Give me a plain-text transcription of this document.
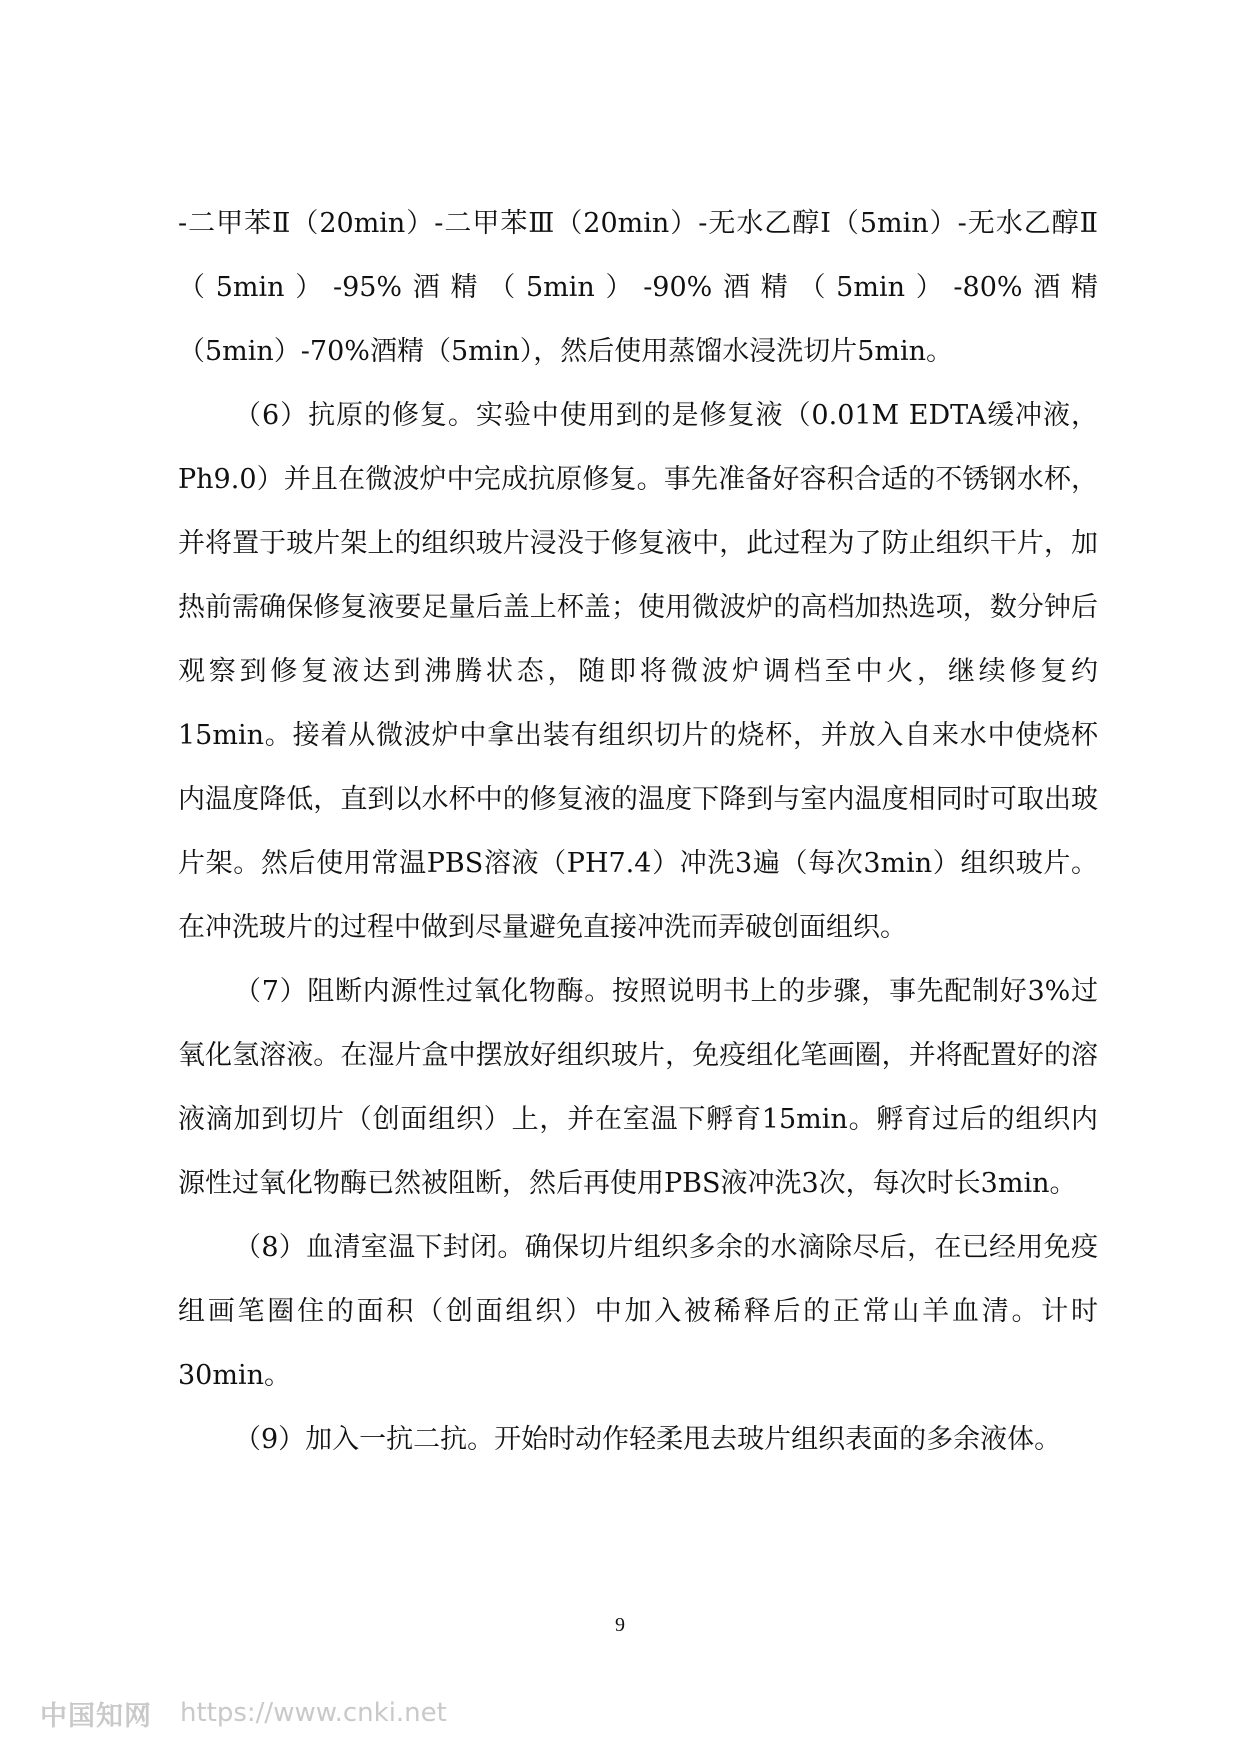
-二甲苯Ⅱ（20min）-二甲苯Ⅲ（20min）-无水乙醇Ⅰ（5min）-无水乙醇Ⅱ（5min）-95%酒精（5min）-90%酒精（5min）-80%酒精（5min）-70%酒精（5min），然后使用蒸馏水浸洗切片5min。

（6）抗原的修复。实验中使用到的是修复液（0.01M EDTA缓冲液，Ph9.0）并且在微波炉中完成抗原修复。事先准备好容积合适的不锈钢水杯，并将置于玻片架上的组织玻片浸没于修复液中，此过程为了防止组织干片，加热前需确保修复液要足量后盖上杯盖；使用微波炉的高档加热选项，数分钟后观察到修复液达到沸腾状态，随即将微波炉调档至中火，继续修复约15min。接着从微波炉中拿出装有组织切片的烧杯，并放入自来水中使烧杯内温度降低，直到以水杯中的修复液的温度下降到与室内温度相同时可取出玻片架。然后使用常温PBS溶液（PH7.4）冲洗3遍（每次3min）组织玻片。在冲洗玻片的过程中做到尽量避免直接冲洗而弄破创面组织。

（7）阻断内源性过氧化物酶。按照说明书上的步骤，事先配制好3%过氧化氢溶液。在湿片盒中摆放好组织玻片，免疫组化笔画圈，并将配置好的溶液滴加到切片（创面组织）上，并在室温下孵育15min。孵育过后的组织内源性过氧化物酶已然被阻断，然后再使用PBS液冲洗3次，每次时长3min。

（8）血清室温下封闭。确保切片组织多余的水滴除尽后，在已经用免疫组画笔圈住的面积（创面组织）中加入被稀释后的正常山羊血清。计时30min。

（9）加入一抗二抗。开始时动作轻柔甩去玻片组织表面的多余液体。

9
中国知网 https://www.cnki.net
